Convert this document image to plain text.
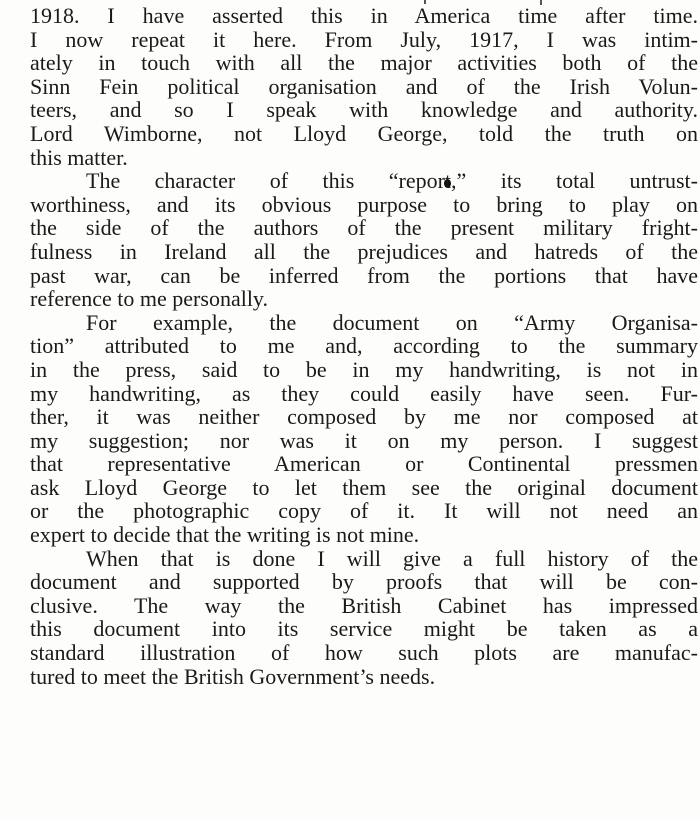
1918. I have asserted this in America time after time.
I now repeat it here. From July, 1917, I was intim-
ately in touch with all the major activities both of the
Sinn Fein political organisation and of the Irish Volun-
teers, and so I speak with knowledge and authority.
Lord Wimborne, not Lloyd George, told the truth on
this matter.
The character of this “report,” its total untrust-
worthiness, and its obvious purpose to bring to play on
the side of the authors of the present military fright-
fulness in Ireland all the prejudices and hatreds of the
past war, can be inferred from the portions that have
reference to me personally.
For example, the document on “Army Organisa-
tion” attributed to me and, according to the summary
in the press, said to be in my handwriting, is not in
my handwriting, as they could easily have seen. Fur-
ther, it was neither composed by me nor composed at
my suggestion; nor was it on my person. I suggest
that representative American or Continental pressmen
ask Lloyd George to let them see the original document
or the photographic copy of it. It will not need an
expert to decide that the writing is not mine.
When that is done I will give a full history of the
document and supported by proofs that will be con-
clusive. The way the British Cabinet has impressed
this document into its service might be taken as a
standard illustration of how such plots are manufac-
tured to meet the British Government’s needs.
